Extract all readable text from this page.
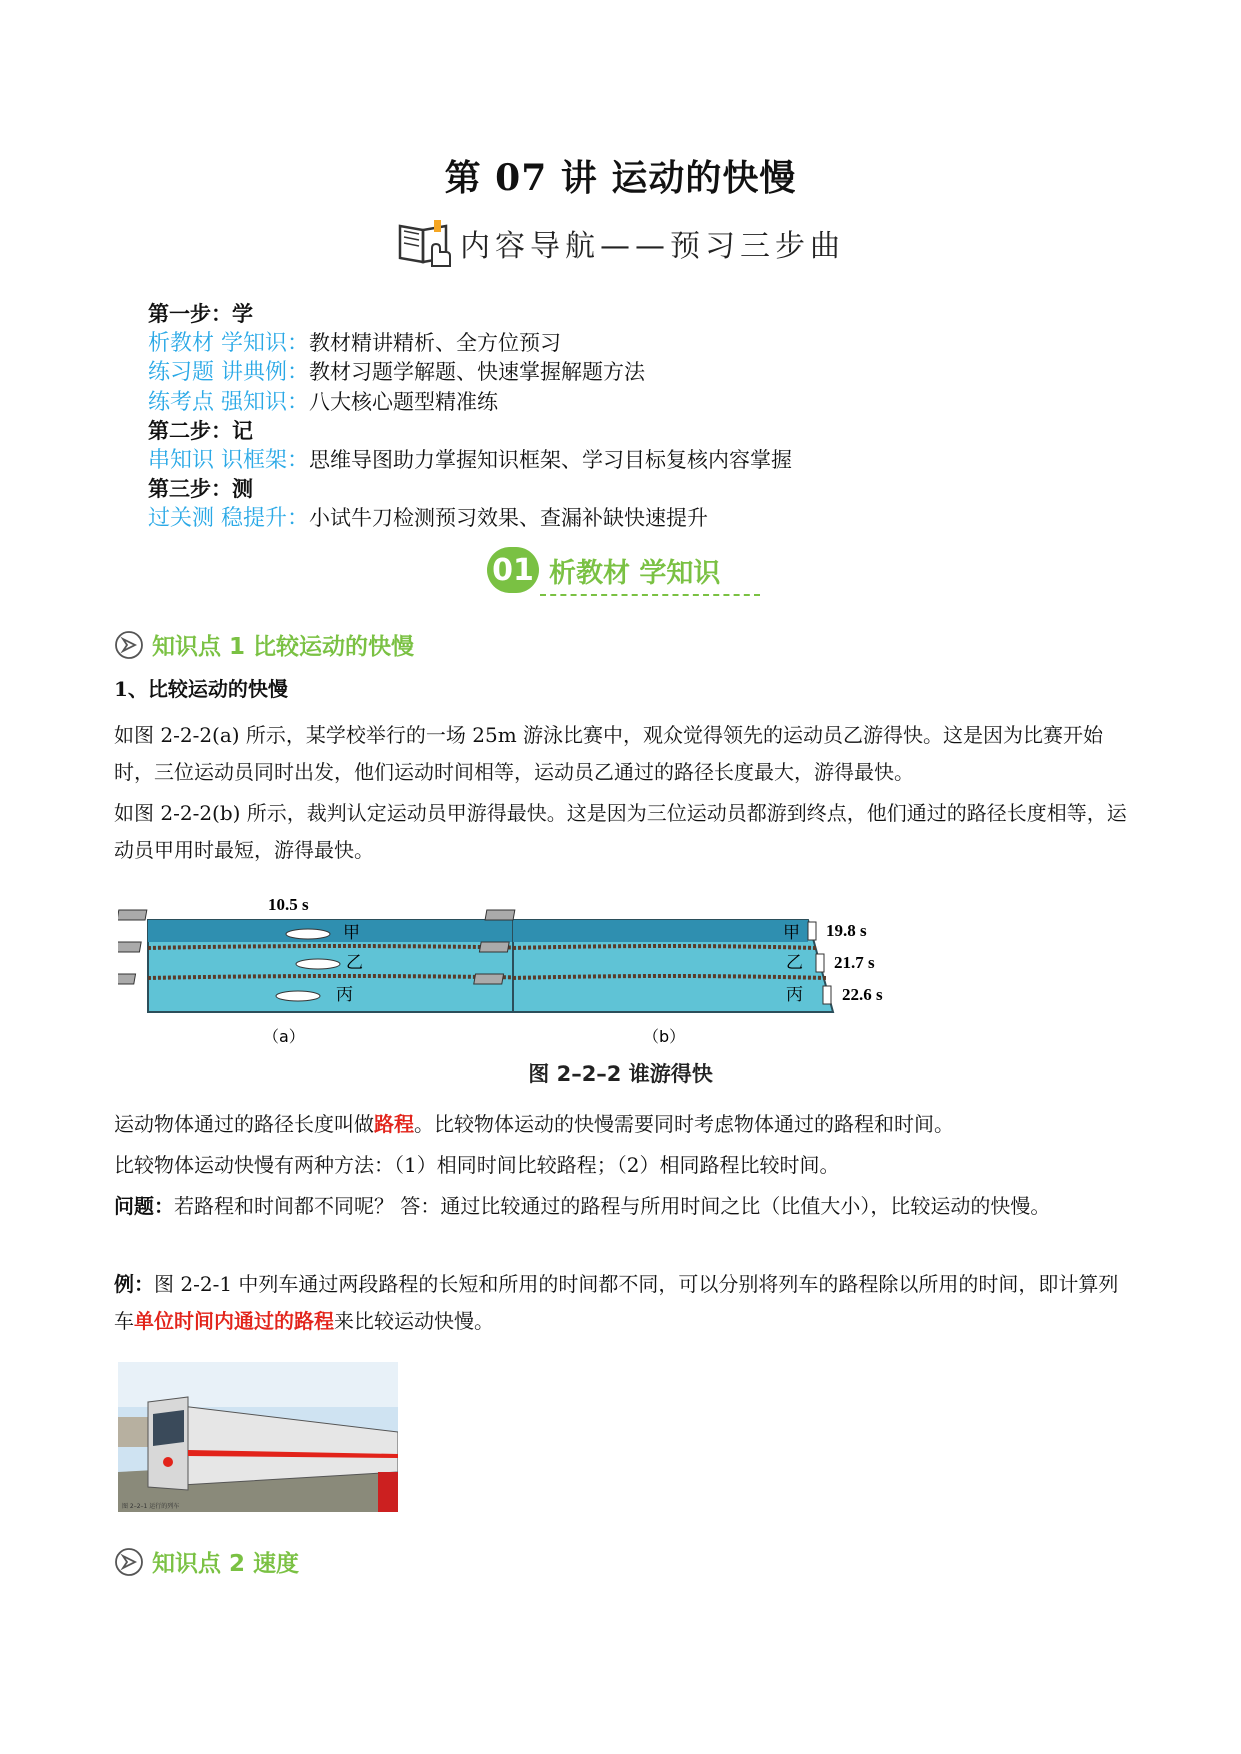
第 07 讲 运动的快慢
内容导航——预习三步曲
第一步：学
析教材 学知识：教材精讲精析、全方位预习
练习题 讲典例：教材习题学解题、快速掌握解题方法
练考点 强知识：八大核心题型精准练
第二步：记
串知识 识框架：思维导图助力掌握知识框架、学习目标复核内容掌握
第三步：测
过关测 稳提升：小试牛刀检测预习效果、查漏补缺快速提升
01 析教材 学知识
知识点 1 比较运动的快慢
1、比较运动的快慢
如图 2-2-2(a) 所示，某学校举行的一场 25m 游泳比赛中，观众觉得领先的运动员乙游得快。这是因为比赛开始时，三位运动员同时出发，他们运动时间相等，运动员乙通过的路径长度最大，游得最快。
如图 2-2-2(b) 所示，裁判认定运动员甲游得最快。这是因为三位运动员都游到终点，他们通过的路径长度相等，运动员甲用时最短，游得最快。
10.5 s
甲
乙
丙
（a）
甲
乙
丙
19.8 s
21.7 s
22.6 s
（b）
图 2–2–2 谁游得快
运动物体通过的路径长度叫做路程。比较物体运动的快慢需要同时考虑物体通过的路程和时间。
比较物体运动快慢有两种方法：（1）相同时间比较路程；（2）相同路程比较时间。
问题：若路程和时间都不同呢？ 答：通过比较通过的路程与所用时间之比（比值大小），比较运动的快慢。
例：图 2-2-1 中列车通过两段路程的长短和所用的时间都不同，可以分别将列车的路程除以所用的时间，即计算列车单位时间内通过的路程来比较运动快慢。
图 2–2–1 运行的列车
知识点 2 速度
